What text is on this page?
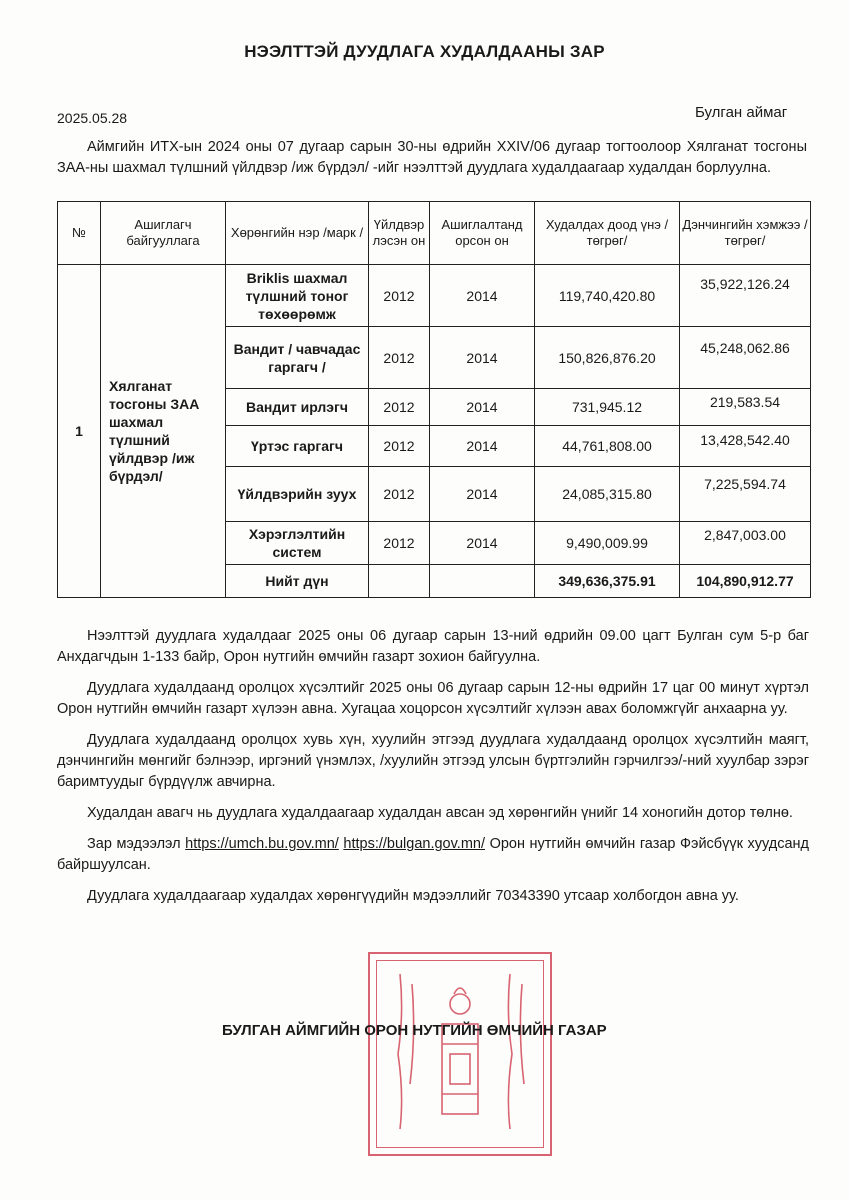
НЭЭЛТТЭЙ ДУУДЛАГА ХУДАЛДААНЫ ЗАР
2025.05.28	Булган аймаг
Аймгийн ИТХ-ын 2024 оны 07 дугаар сарын 30-ны өдрийн XXIV/06 дугаар тогтоолоор Хялганат тосгоны ЗАА-ны шахмал түлшний үйлдвэр /иж бүрдэл/ -ийг нээлттэй дуудлага худалдаагаар худалдан борлуулна.
№	Ашиглагч байгууллага	Хөрөнгийн нэр /марк /	Үйлдвэр лэсэн он	Ашиглалтанд орсон он	Худалдах доод үнэ /төгрөг/	Дэнчингийн хэмжээ /төгрөг/
1	Хялганат тосгоны ЗАА шахмал түлшний үйлдвэр /иж бүрдэл/	Briklis шахмал түлшний тоног төхөөрөмж	2012	2014	119,740,420.80	35,922,126.24
		Вандит / чавчадас гаргагч /	2012	2014	150,826,876.20	45,248,062.86
		Вандит ирлэгч	2012	2014	731,945.12	219,583.54
		Үртэс гаргагч	2012	2014	44,761,808.00	13,428,542.40
		Үйлдвэрийн зуух	2012	2014	24,085,315.80	7,225,594.74
		Хэрэглэлтийн систем	2012	2014	9,490,009.99	2,847,003.00
		Нийт дүн			349,636,375.91	104,890,912.77

Нээлттэй дуудлага худалдааг 2025 оны 06 дугаар сарын 13-ний өдрийн 09.00 цагт Булган сум 5-р баг Анхдагчдын 1-133 байр, Орон нутгийн өмчийн газарт зохион байгуулна.

Дуудлага худалдаанд оролцох хүсэлтийг 2025 оны 06 дугаар сарын 12-ны өдрийн 17 цаг 00 минут хүртэл Орон нутгийн өмчийн газарт хүлээн авна. Хугацаа хоцорсон хүсэлтийг хүлээн авах боломжгүйг анхаарна уу.

Дуудлага худалдаанд оролцох хувь хүн, хуулийн этгээд дуудлага худалдаанд оролцох хүсэлтийн маягт, дэнчингийн мөнгийг бэлнээр, иргэний үнэмлэх, /хуулийн этгээд улсын бүртгэлийн гэрчилгээ/-ний хуулбар зэрэг баримтуудыг бүрдүүлж авчирна.

Худалдан авагч нь дуудлага худалдаагаар худалдан авсан эд хөрөнгийн үнийг 14 хоногийн дотор төлнө.

Зар мэдээлэл https://umch.bu.gov.mn/ https://bulgan.gov.mn/ Орон нутгийн өмчийн газар Фэйсбүүк хуудсанд байршуулсан.

Дуудлага худалдаагаар худалдах хөрөнгүүдийн мэдээллийг 70343390 утсаар холбогдон авна уу.

БУЛГАН АЙМГИЙН ОРОН НУТГИЙН ӨМЧИЙН ГАЗАР
